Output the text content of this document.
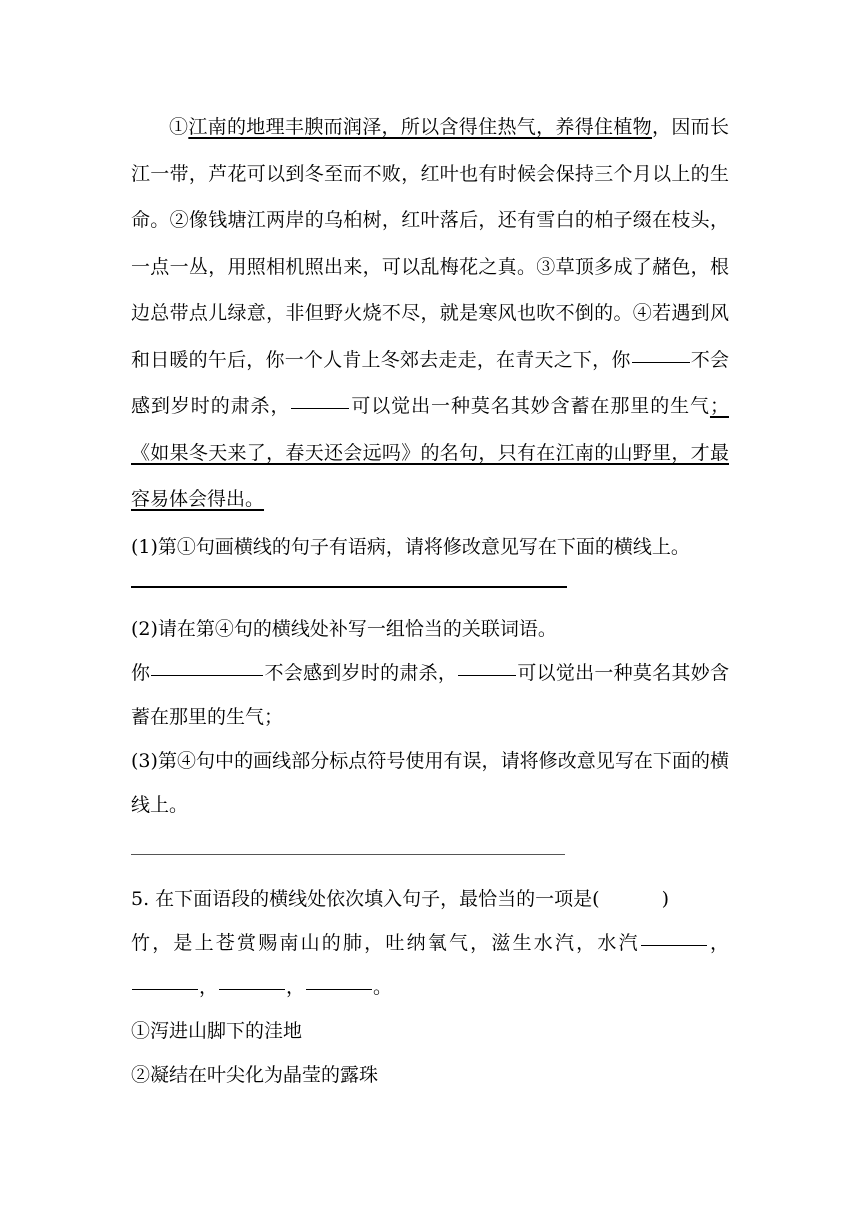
①江南的地理丰腴而润泽，所以含得住热气，养得住植物，因而长江一带，芦花可以到冬至而不败，红叶也有时候会保持三个月以上的生命。②像钱塘江两岸的乌桕树，红叶落后，还有雪白的柏子缀在枝头，一点一丛，用照相机照出来，可以乱梅花之真。③草顶多成了赭色，根边总带点儿绿意，非但野火烧不尽，就是寒风也吹不倒的。④若遇到风和日暖的午后，你一个人肯上冬郊去走走，在青天之下，你	不会感到岁时的肃杀，	可以觉出一种莫名其妙含蓄在那里的生气；《如果冬天来了，春天还会远吗》的名句，只有在江南的山野里，才最容易体会得出。

(1)第①句画横线的句子有语病，请将修改意见写在下面的横线上。

(2)请在第④句的横线处补写一组恰当的关联词语。

你	不会感到岁时的肃杀，	可以觉出一种莫名其妙含蓄在那里的生气；

(3)第④句中的画线部分标点符号使用有误，请将修改意见写在下面的横线上。

5. 在下面语段的横线处依次填入句子，最恰当的一项是(	)

竹，是上苍赏赐南山的肺，吐纳氧气，滋生水汽，水汽	，，	，	。

①泻进山脚下的洼地

②凝结在叶尖化为晶莹的露珠
